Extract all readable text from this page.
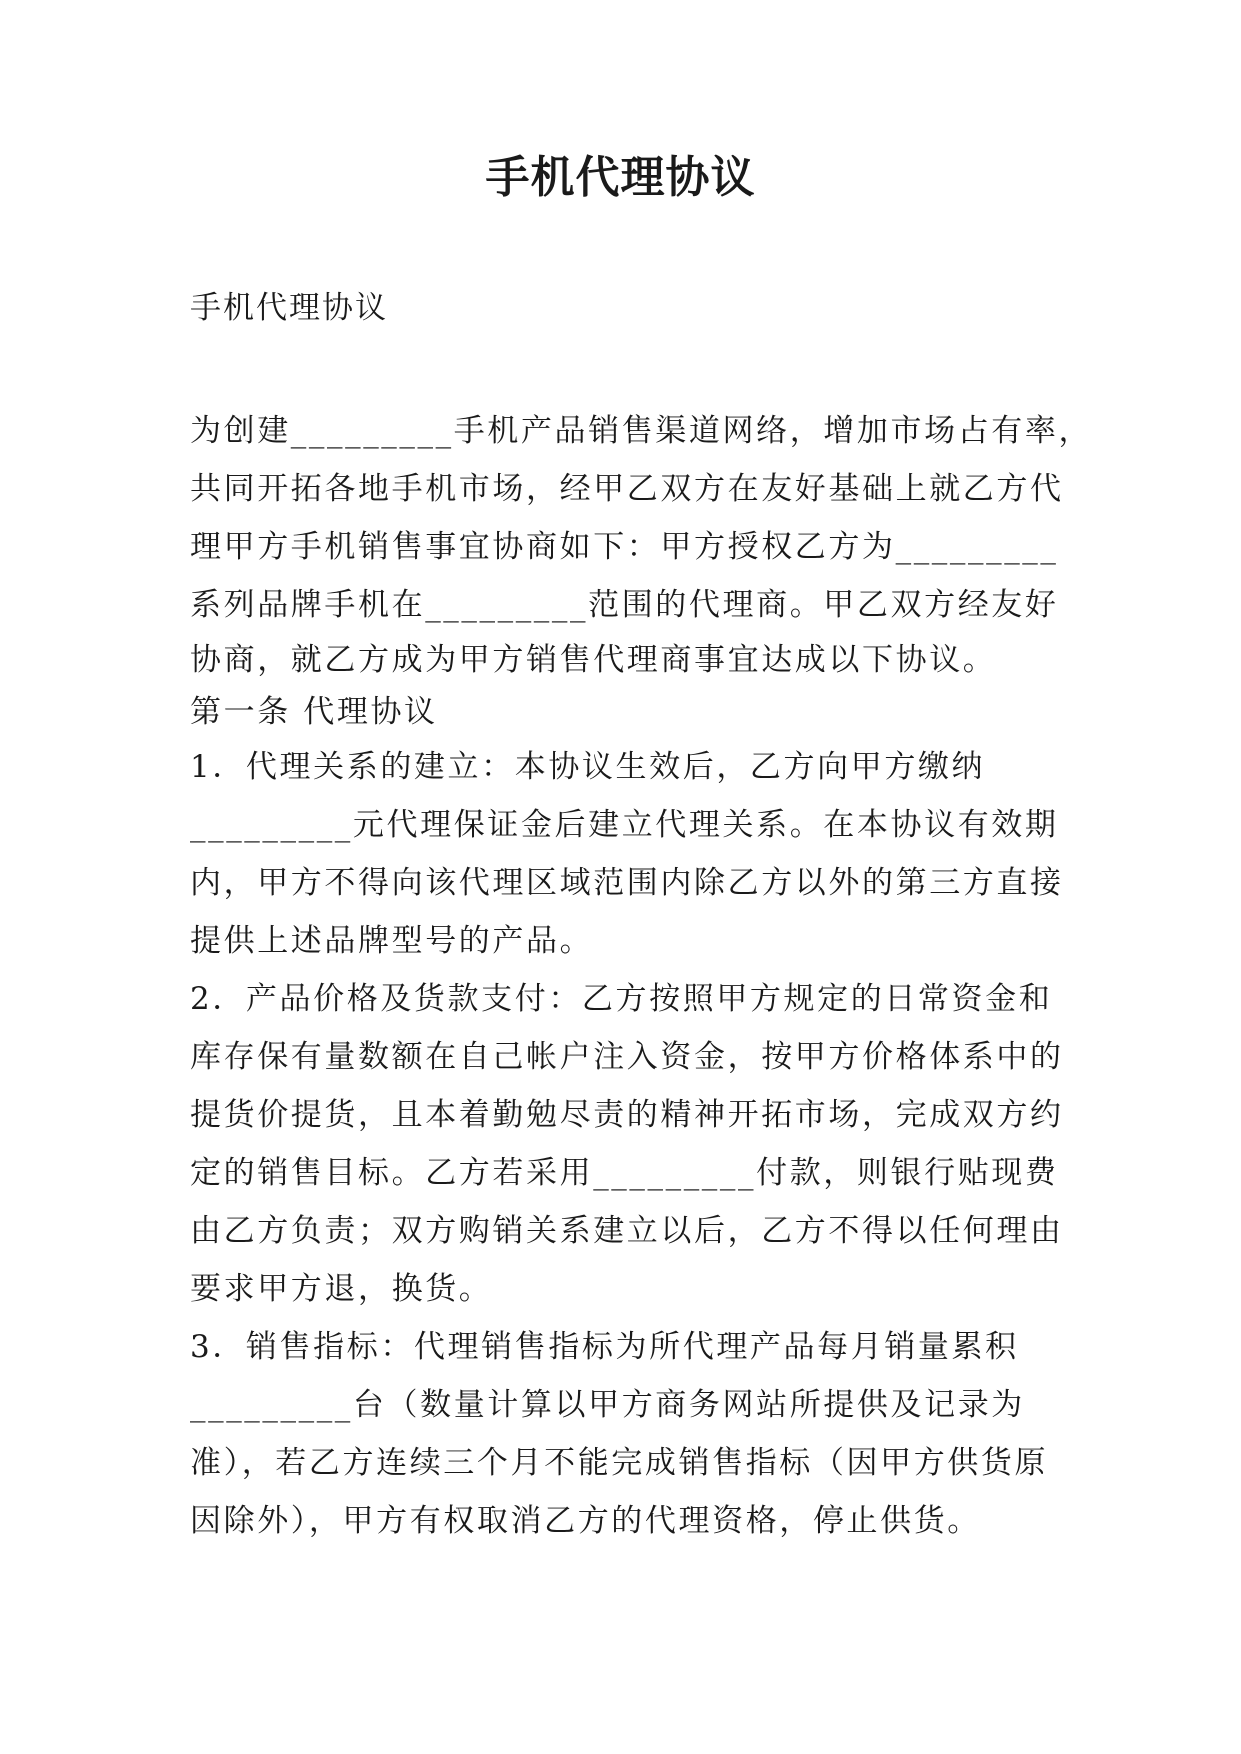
手机代理协议

手机代理协议

为创建_________手机产品销售渠道网络，增加市场占有率，
共同开拓各地手机市场，经甲乙双方在友好基础上就乙方代
理甲方手机销售事宜协商如下：甲方授权乙方为_________
系列品牌手机在_________范围的代理商。甲乙双方经友好
协商，就乙方成为甲方销售代理商事宜达成以下协议。
第一条 代理协议
1．代理关系的建立：本协议生效后，乙方向甲方缴纳
_________元代理保证金后建立代理关系。在本协议有效期
内，甲方不得向该代理区域范围内除乙方以外的第三方直接
提供上述品牌型号的产品。
2．产品价格及货款支付：乙方按照甲方规定的日常资金和
库存保有量数额在自己帐户注入资金，按甲方价格体系中的
提货价提货，且本着勤勉尽责的精神开拓市场，完成双方约
定的销售目标。乙方若采用_________付款，则银行贴现费
由乙方负责；双方购销关系建立以后，乙方不得以任何理由
要求甲方退，换货。
3．销售指标：代理销售指标为所代理产品每月销量累积
_________台（数量计算以甲方商务网站所提供及记录为
准），若乙方连续三个月不能完成销售指标（因甲方供货原
因除外），甲方有权取消乙方的代理资格，停止供货。
